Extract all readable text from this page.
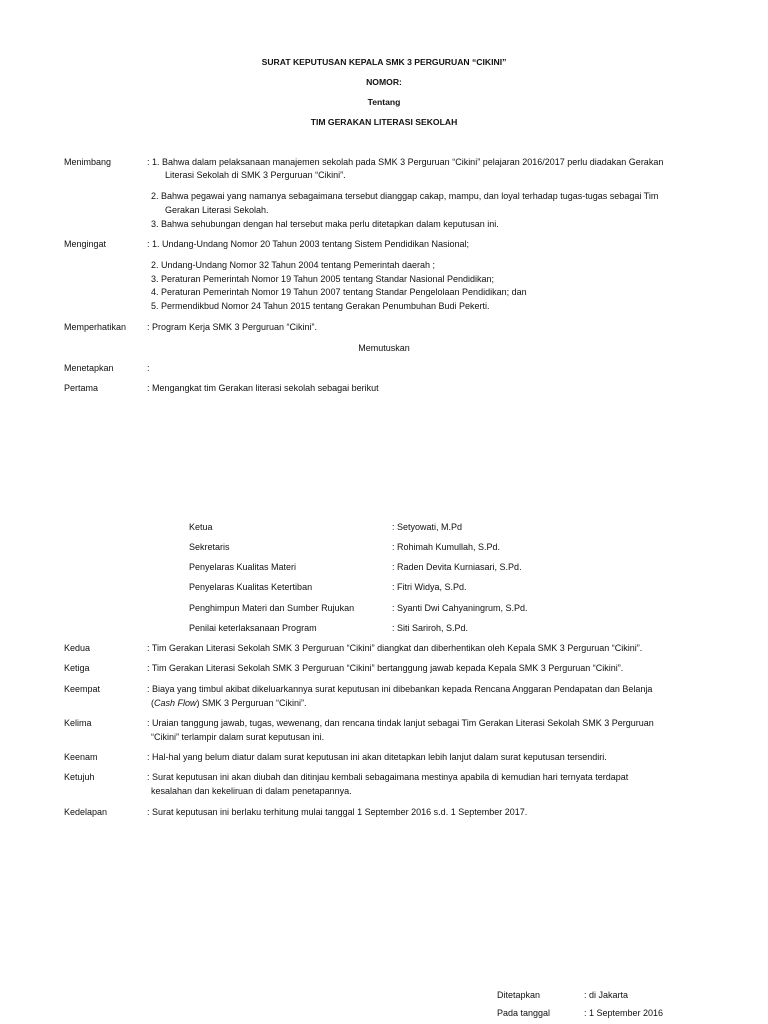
SURAT KEPUTUSAN KEPALA SMK 3 PERGURUAN “CIKINI”
NOMOR:
Tentang
TIM GERAKAN LITERASI SEKOLAH
Menimbang	: 1. Bahwa dalam pelaksanaan manajemen sekolah pada SMK 3 Perguruan “Cikini” pelajaran 2016/2017 perlu diadakan Gerakan
Literasi Sekolah di SMK 3 Perguruan “Cikini”.
2. Bahwa pegawai yang namanya sebagaimana tersebut dianggap cakap, mampu, dan loyal terhadap tugas-tugas sebagai Tim
Gerakan Literasi Sekolah.
3. Bahwa sehubungan dengan hal tersebut maka perlu ditetapkan dalam keputusan ini.
Mengingat	: 1. Undang-Undang Nomor 20 Tahun 2003 tentang Sistem Pendidikan Nasional;
2. Undang-Undang Nomor 32 Tahun 2004 tentang Pemerintah daerah ;
3. Peraturan Pemerintah Nomor 19 Tahun 2005 tentang Standar Nasional Pendidikan;
4. Peraturan Pemerintah Nomor 19 Tahun 2007 tentang Standar Pengelolaan Pendidikan; dan
5. Permendikbud Nomor 24 Tahun 2015 tentang Gerakan Penumbuhan Budi Pekerti.
Memperhatikan : Program Kerja SMK 3 Perguruan “Cikini”.
Memutuskan
Menetapkan	:
Pertama	: Mengangkat tim Gerakan literasi sekolah sebagai berikut
Ketua	: Setyowati, M.Pd
Sekretaris	: Rohimah Kumullah, S.Pd.
Penyelaras Kualitas Materi	: Raden Devita Kurniasari, S.Pd.
Penyelaras Kualitas Ketertiban	: Fitri Widya, S.Pd.
Penghimpun Materi dan Sumber Rujukan	: Syanti Dwi Cahyaningrum, S.Pd.
Penilai keterlaksanaan Program	: Siti Sariroh, S.Pd.
Kedua	: Tim Gerakan Literasi Sekolah SMK 3 Perguruan “Cikini” diangkat dan diberhentikan oleh Kepala SMK 3 Perguruan “Cikini”.
Ketiga	: Tim Gerakan Literasi Sekolah SMK 3 Perguruan “Cikini” bertanggung jawab kepada Kepala SMK 3 Perguruan “Cikini”.
Keempat	: Biaya yang timbul akibat dikeluarkannya surat keputusan ini dibebankan kepada Rencana Anggaran Pendapatan dan Belanja
(Cash Flow) SMK 3 Perguruan “Cikini”.
Kelima	: Uraian tanggung jawab, tugas, wewenang, dan rencana tindak lanjut sebagai Tim Gerakan Literasi Sekolah SMK 3 Perguruan
“Cikini” terlampir dalam surat keputusan ini.
Keenam	: Hal-hal yang belum diatur dalam surat keputusan ini akan ditetapkan lebih lanjut dalam surat keputusan tersendiri.
Ketujuh	: Surat keputusan ini akan diubah dan ditinjau kembali sebagaimana mestinya apabila di kemudian hari ternyata terdapat
kesalahan dan kekeliruan di dalam penetapannya.
Kedelapan	: Surat keputusan ini berlaku terhitung mulai tanggal 1 September 2016 s.d. 1 September 2017.
Ditetapkan	: di Jakarta
Pada tanggal	: 1 September 2016
